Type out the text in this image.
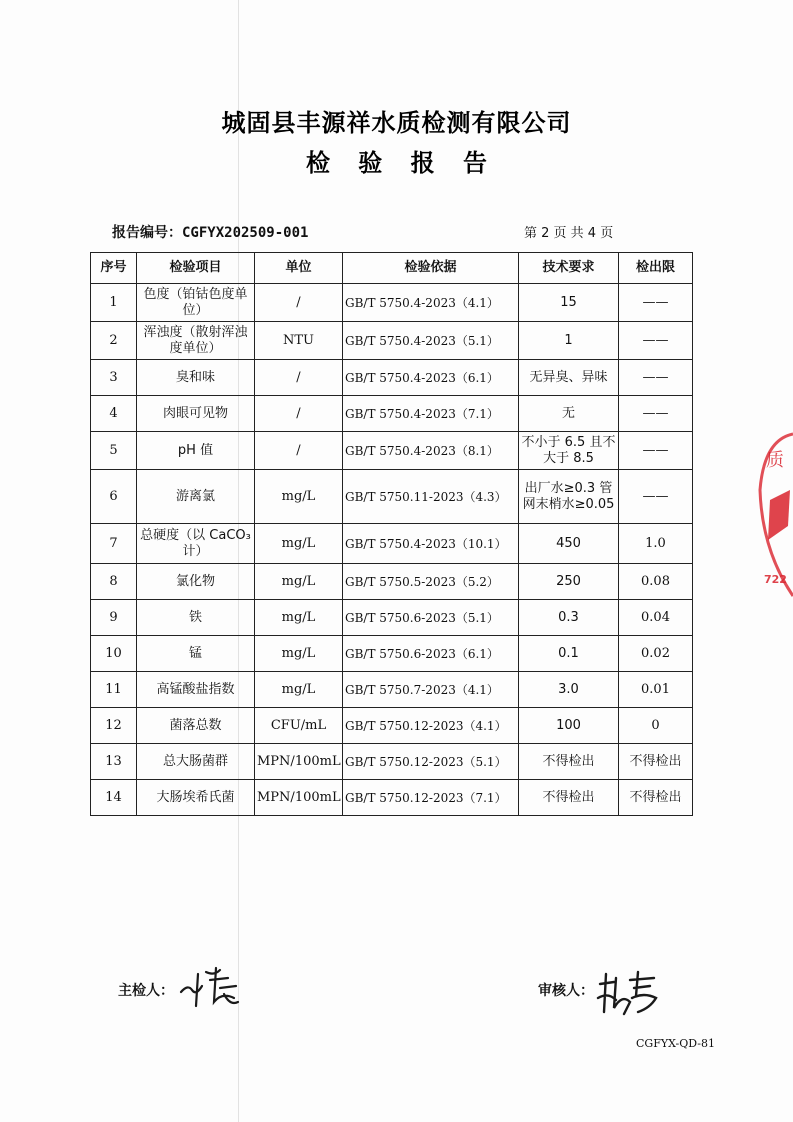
城固县丰源祥水质检测有限公司
检 验 报 告
报告编号：CGFYX202509-001	第 2 页 共 4 页
序号	检验项目	单位	检验依据	技术要求	检出限
1	色度（铂钴色度单位）	/	GB/T 5750.4-2023（4.1）	15	——
2	浑浊度（散射浑浊度单位）	NTU	GB/T 5750.4-2023（5.1）	1	——
3	臭和味	/	GB/T 5750.4-2023（6.1）	无异臭、异味	——
4	肉眼可见物	/	GB/T 5750.4-2023（7.1）	无	——
5	pH 值	/	GB/T 5750.4-2023（8.1）	不小于 6.5 且不大于 8.5	——
6	游离氯	mg/L	GB/T 5750.11-2023（4.3）	出厂水≥0.3 管网末梢水≥0.05	——
7	总硬度（以 CaCO₃ 计）	mg/L	GB/T 5750.4-2023（10.1）	450	1.0
8	氯化物	mg/L	GB/T 5750.5-2023（5.2）	250	0.08
9	铁	mg/L	GB/T 5750.6-2023（5.1）	0.3	0.04
10	锰	mg/L	GB/T 5750.6-2023（6.1）	0.1	0.02
11	高锰酸盐指数	mg/L	GB/T 5750.7-2023（4.1）	3.0	0.01
12	菌落总数	CFU/mL	GB/T 5750.12-2023（4.1）	100	0
13	总大肠菌群	MPN/100mL	GB/T 5750.12-2023（5.1）	不得检出	不得检出
14	大肠埃希氏菌	MPN/100mL	GB/T 5750.12-2023（7.1）	不得检出	不得检出
主检人：	审核人：
CGFYX-QD-81
质
722
